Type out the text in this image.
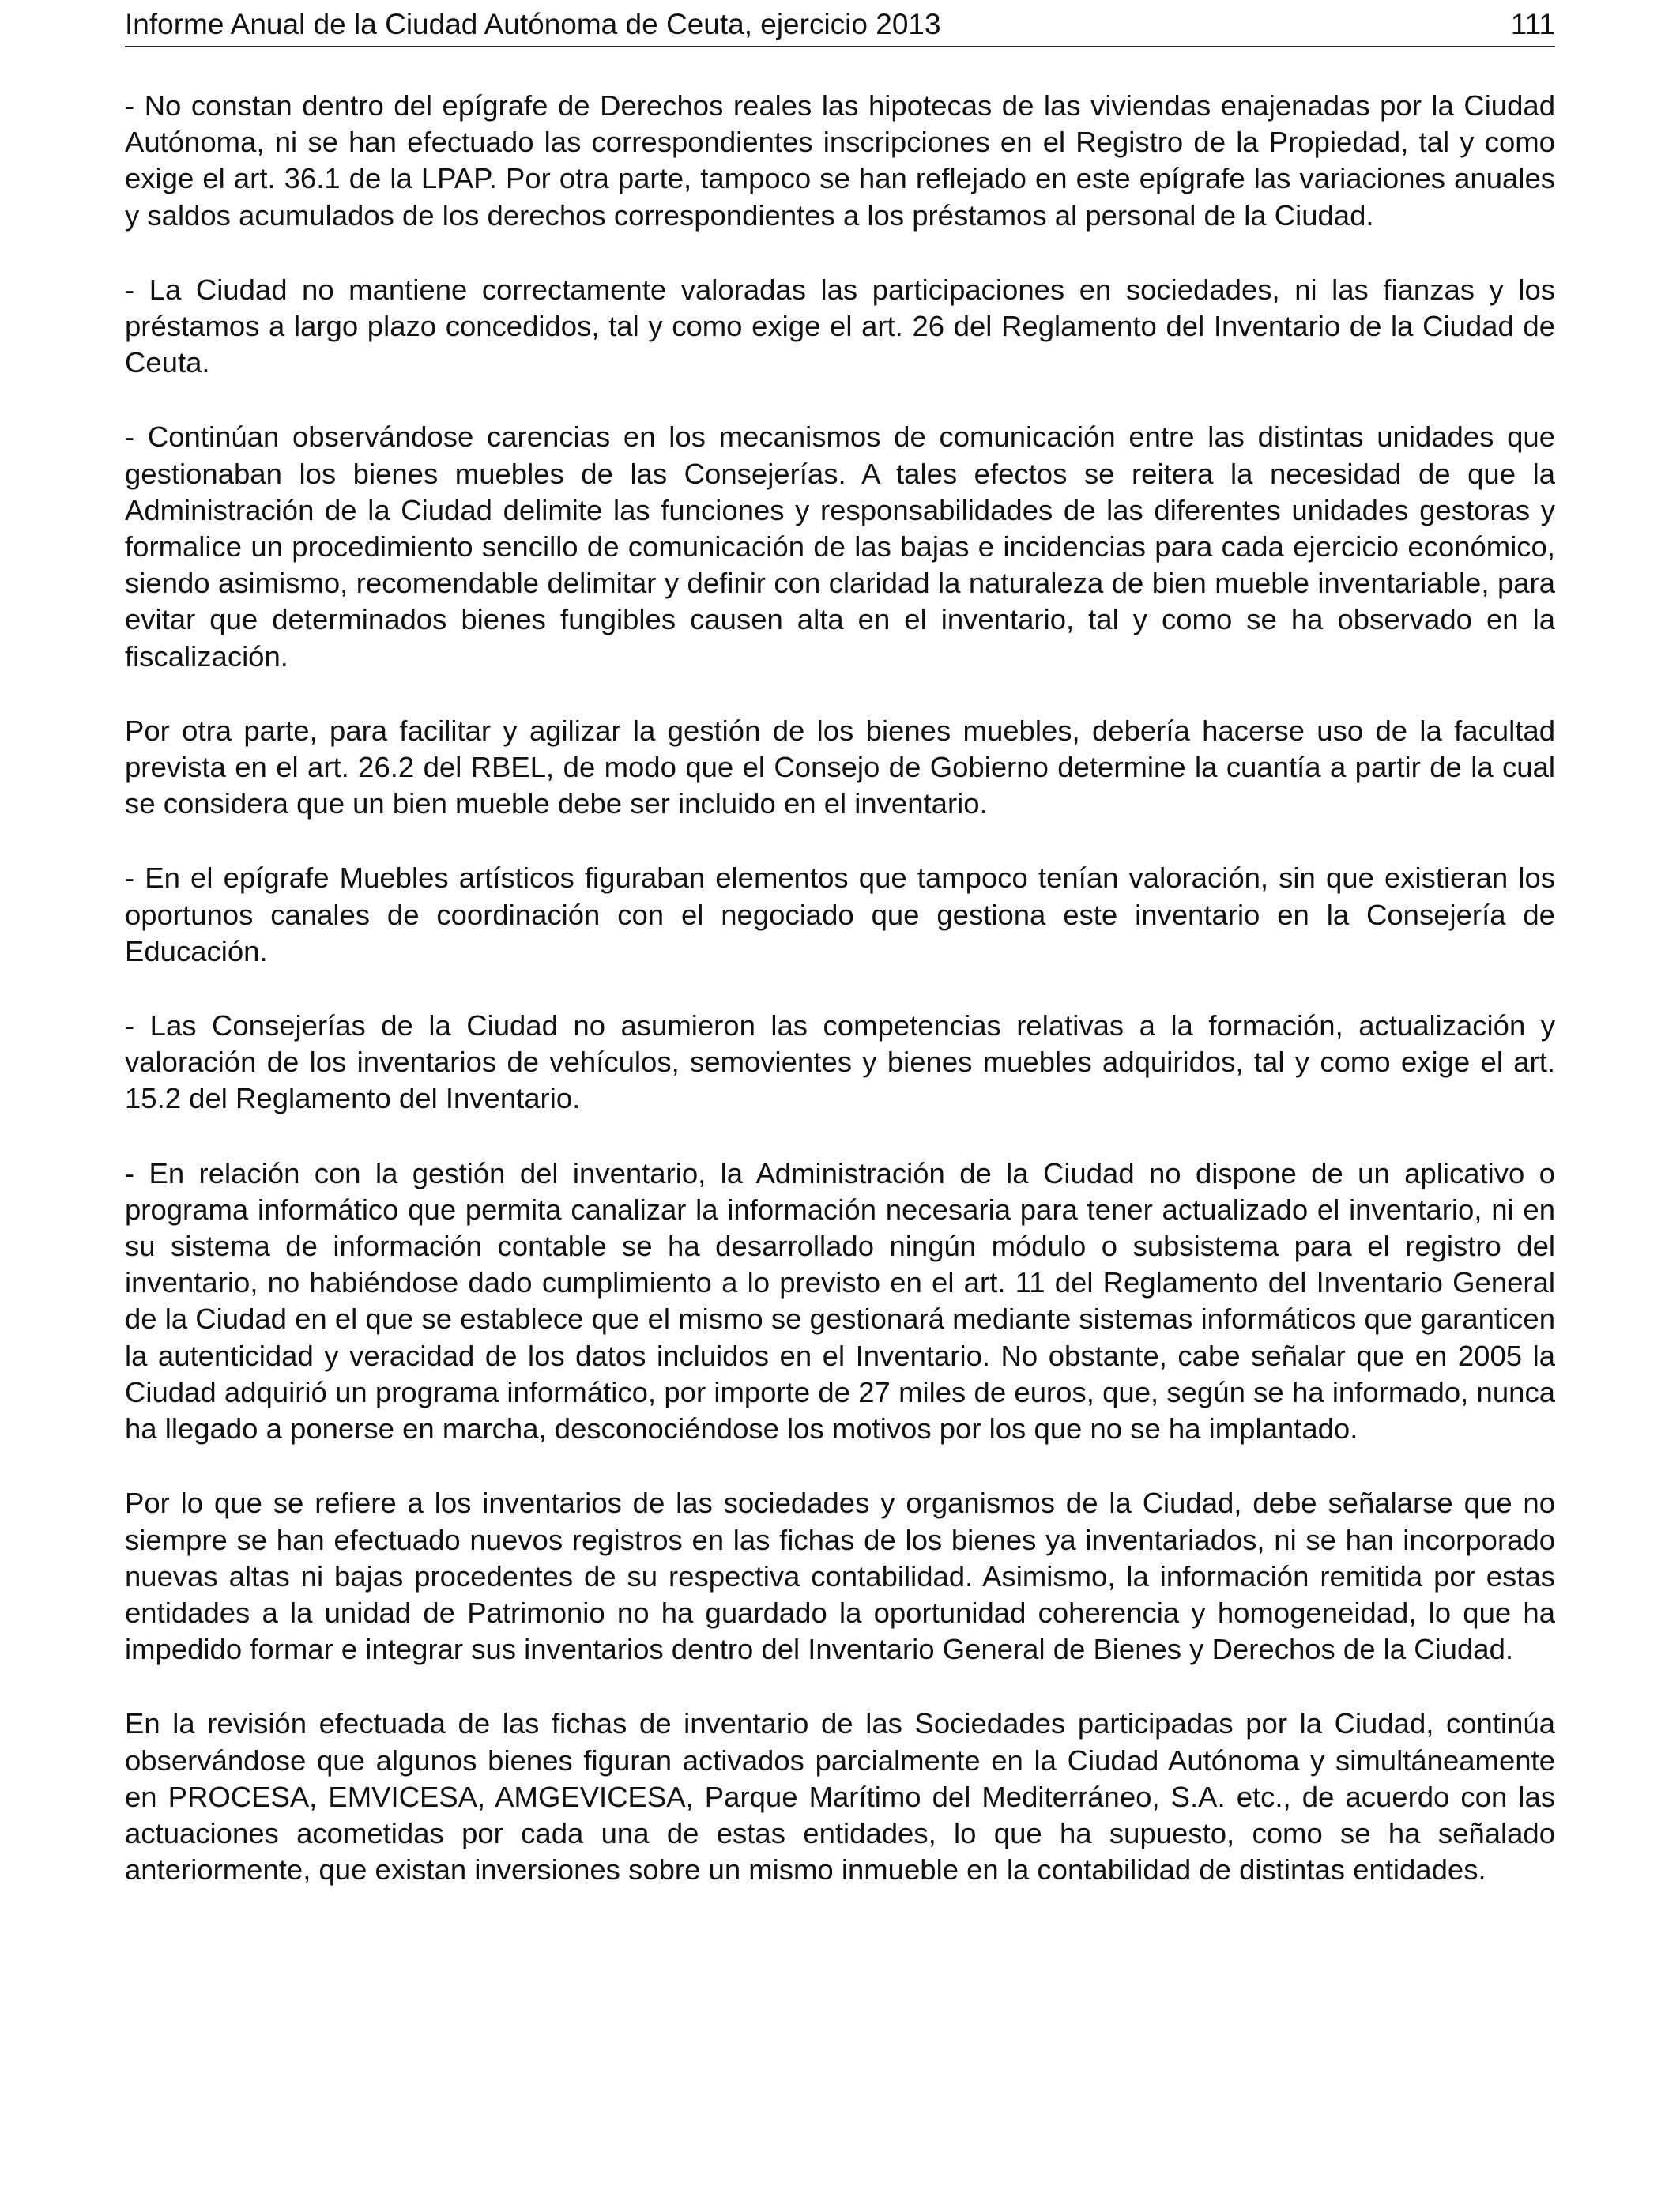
Informe Anual de la Ciudad Autónoma de Ceuta, ejercicio 2013	111

- No constan dentro del epígrafe de Derechos reales las hipotecas de las viviendas enajenadas por la Ciudad Autónoma, ni se han efectuado las correspondientes inscripciones en el Registro de la Propiedad, tal y como exige el art. 36.1 de la LPAP. Por otra parte, tampoco se han reflejado en este epígrafe las variaciones anuales y saldos acumulados de los derechos correspondientes a los préstamos al personal de la Ciudad.

- La Ciudad no mantiene correctamente valoradas las participaciones en sociedades, ni las fianzas y los préstamos a largo plazo concedidos, tal y como exige el art. 26 del Reglamento del Inventario de la Ciudad de Ceuta.

- Continúan observándose carencias en los mecanismos de comunicación entre las distintas unidades que gestionaban los bienes muebles de las Consejerías. A tales efectos se reitera la necesidad de que la Administración de la Ciudad delimite las funciones y responsabilidades de las diferentes unidades gestoras y formalice un procedimiento sencillo de comunicación de las bajas e incidencias para cada ejercicio económico, siendo asimismo, recomendable delimitar y definir con claridad la naturaleza de bien mueble inventariable, para evitar que determinados bienes fungibles causen alta en el inventario, tal y como se ha observado en la fiscalización.

Por otra parte, para facilitar y agilizar la gestión de los bienes muebles, debería hacerse uso de la facultad prevista en el art. 26.2 del RBEL, de modo que el Consejo de Gobierno determine la cuantía a partir de la cual se considera que un bien mueble debe ser incluido en el inventario.

- En el epígrafe Muebles artísticos figuraban elementos que tampoco tenían valoración, sin que existieran los oportunos canales de coordinación con el negociado que gestiona este inventario en la Consejería de Educación.

- Las Consejerías de la Ciudad no asumieron las competencias relativas a la formación, actualización y valoración de los inventarios de vehículos, semovientes y bienes muebles adquiridos, tal y como exige el art. 15.2 del Reglamento del Inventario.

- En relación con la gestión del inventario, la Administración de la Ciudad no dispone de un aplicativo o programa informático que permita canalizar la información necesaria para tener actualizado el inventario, ni en su sistema de información contable se ha desarrollado ningún módulo o subsistema para el registro del inventario, no habiéndose dado cumplimiento a lo previsto en el art. 11 del Reglamento del Inventario General de la Ciudad en el que se establece que el mismo se gestionará mediante sistemas informáticos que garanticen la autenticidad y veracidad de los datos incluidos en el Inventario. No obstante, cabe señalar que en 2005 la Ciudad adquirió un programa informático, por importe de 27 miles de euros, que, según se ha informado, nunca ha llegado a ponerse en marcha, desconociéndose los motivos por los que no se ha implantado.

Por lo que se refiere a los inventarios de las sociedades y organismos de la Ciudad, debe señalarse que no siempre se han efectuado nuevos registros en las fichas de los bienes ya inventariados, ni se han incorporado nuevas altas ni bajas procedentes de su respectiva contabilidad. Asimismo, la información remitida por estas entidades a la unidad de Patrimonio no ha guardado la oportunidad coherencia y homogeneidad, lo que ha impedido formar e integrar sus inventarios dentro del Inventario General de Bienes y Derechos de la Ciudad.

En la revisión efectuada de las fichas de inventario de las Sociedades participadas por la Ciudad, continúa observándose que algunos bienes figuran activados parcialmente en la Ciudad Autónoma y simultáneamente en PROCESA, EMVICESA, AMGEVICESA, Parque Marítimo del Mediterráneo, S.A. etc., de acuerdo con las actuaciones acometidas por cada una de estas entidades, lo que ha supuesto, como se ha señalado anteriormente, que existan inversiones sobre un mismo inmueble en la contabilidad de distintas entidades.
